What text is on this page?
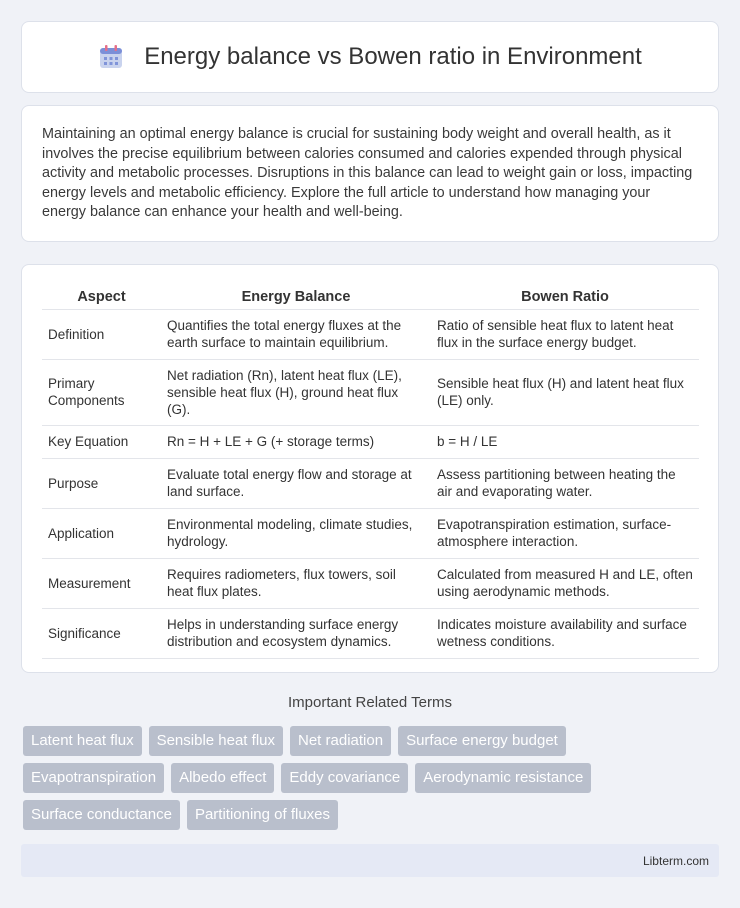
Energy balance vs Bowen ratio in Environment

Maintaining an optimal energy balance is crucial for sustaining body weight and overall health, as it involves the precise equilibrium between calories consumed and calories expended through physical activity and metabolic processes. Disruptions in this balance can lead to weight gain or loss, impacting energy levels and metabolic efficiency. Explore the full article to understand how managing your energy balance can enhance your health and well-being.

Aspect	Energy Balance	Bowen Ratio
Definition	Quantifies the total energy fluxes at the earth surface to maintain equilibrium.	Ratio of sensible heat flux to latent heat flux in the surface energy budget.
Primary Components	Net radiation (Rn), latent heat flux (LE), sensible heat flux (H), ground heat flux (G).	Sensible heat flux (H) and latent heat flux (LE) only.
Key Equation	Rn = H + LE + G (+ storage terms)	b = H / LE
Purpose	Evaluate total energy flow and storage at land surface.	Assess partitioning between heating the air and evaporating water.
Application	Environmental modeling, climate studies, hydrology.	Evapotranspiration estimation, surface-atmosphere interaction.
Measurement	Requires radiometers, flux towers, soil heat flux plates.	Calculated from measured H and LE, often using aerodynamic methods.
Significance	Helps in understanding surface energy distribution and ecosystem dynamics.	Indicates moisture availability and surface wetness conditions.
Important Related Terms
Latent heat flux	Sensible heat flux	Net radiation	Surface energy budget
Evapotranspiration	Albedo effect	Eddy covariance	Aerodynamic resistance
Surface conductance	Partitioning of fluxes
Libterm.com
